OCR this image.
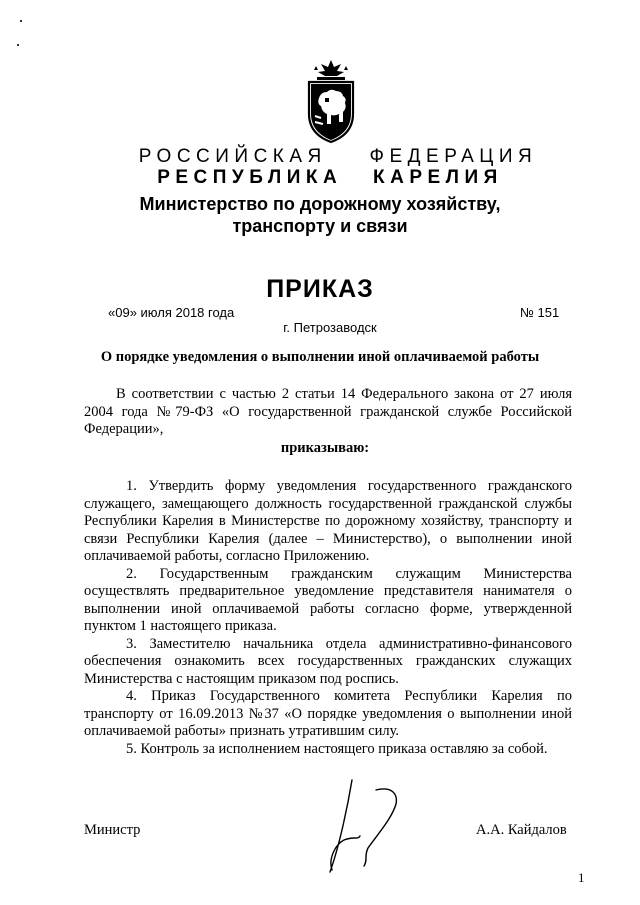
РОССИЙСКАЯ ФЕДЕРАЦИЯ
РЕСПУБЛИКА КАРЕЛИЯ
Министерство по дорожному хозяйству,
транспорту и связи
ПРИКАЗ
«09» июля 2018 года	№ 151
г. Петрозаводск
О порядке уведомления о выполнении иной оплачиваемой работы

В соответствии с частью 2 статьи 14 Федерального закона от 27 июля 2004 года №79-ФЗ «О государственной гражданской службе Российской Федерации»,

приказываю:

1. Утвердить форму уведомления государственного гражданского служащего, замещающего должность государственной гражданской службы Республики Карелия в Министерстве по дорожному хозяйству, транспорту и связи Республики Карелия (далее – Министерство), о выполнении иной оплачиваемой работы, согласно Приложению.

2. Государственным гражданским служащим Министерства осуществлять предварительное уведомление представителя нанимателя о выполнении иной оплачиваемой работы согласно форме, утвержденной пунктом 1 настоящего приказа.

3. Заместителю начальника отдела административно-финансового обеспечения ознакомить всех государственных гражданских служащих Министерства с настоящим приказом под роспись.

4. Приказ Государственного комитета Республики Карелия по транспорту от 16.09.2013 №37 «О порядке уведомления о выполнении иной оплачиваемой работы» признать утратившим силу.

5. Контроль за исполнением настоящего приказа оставляю за собой.

Министр	А.А. Кайдалов
1
